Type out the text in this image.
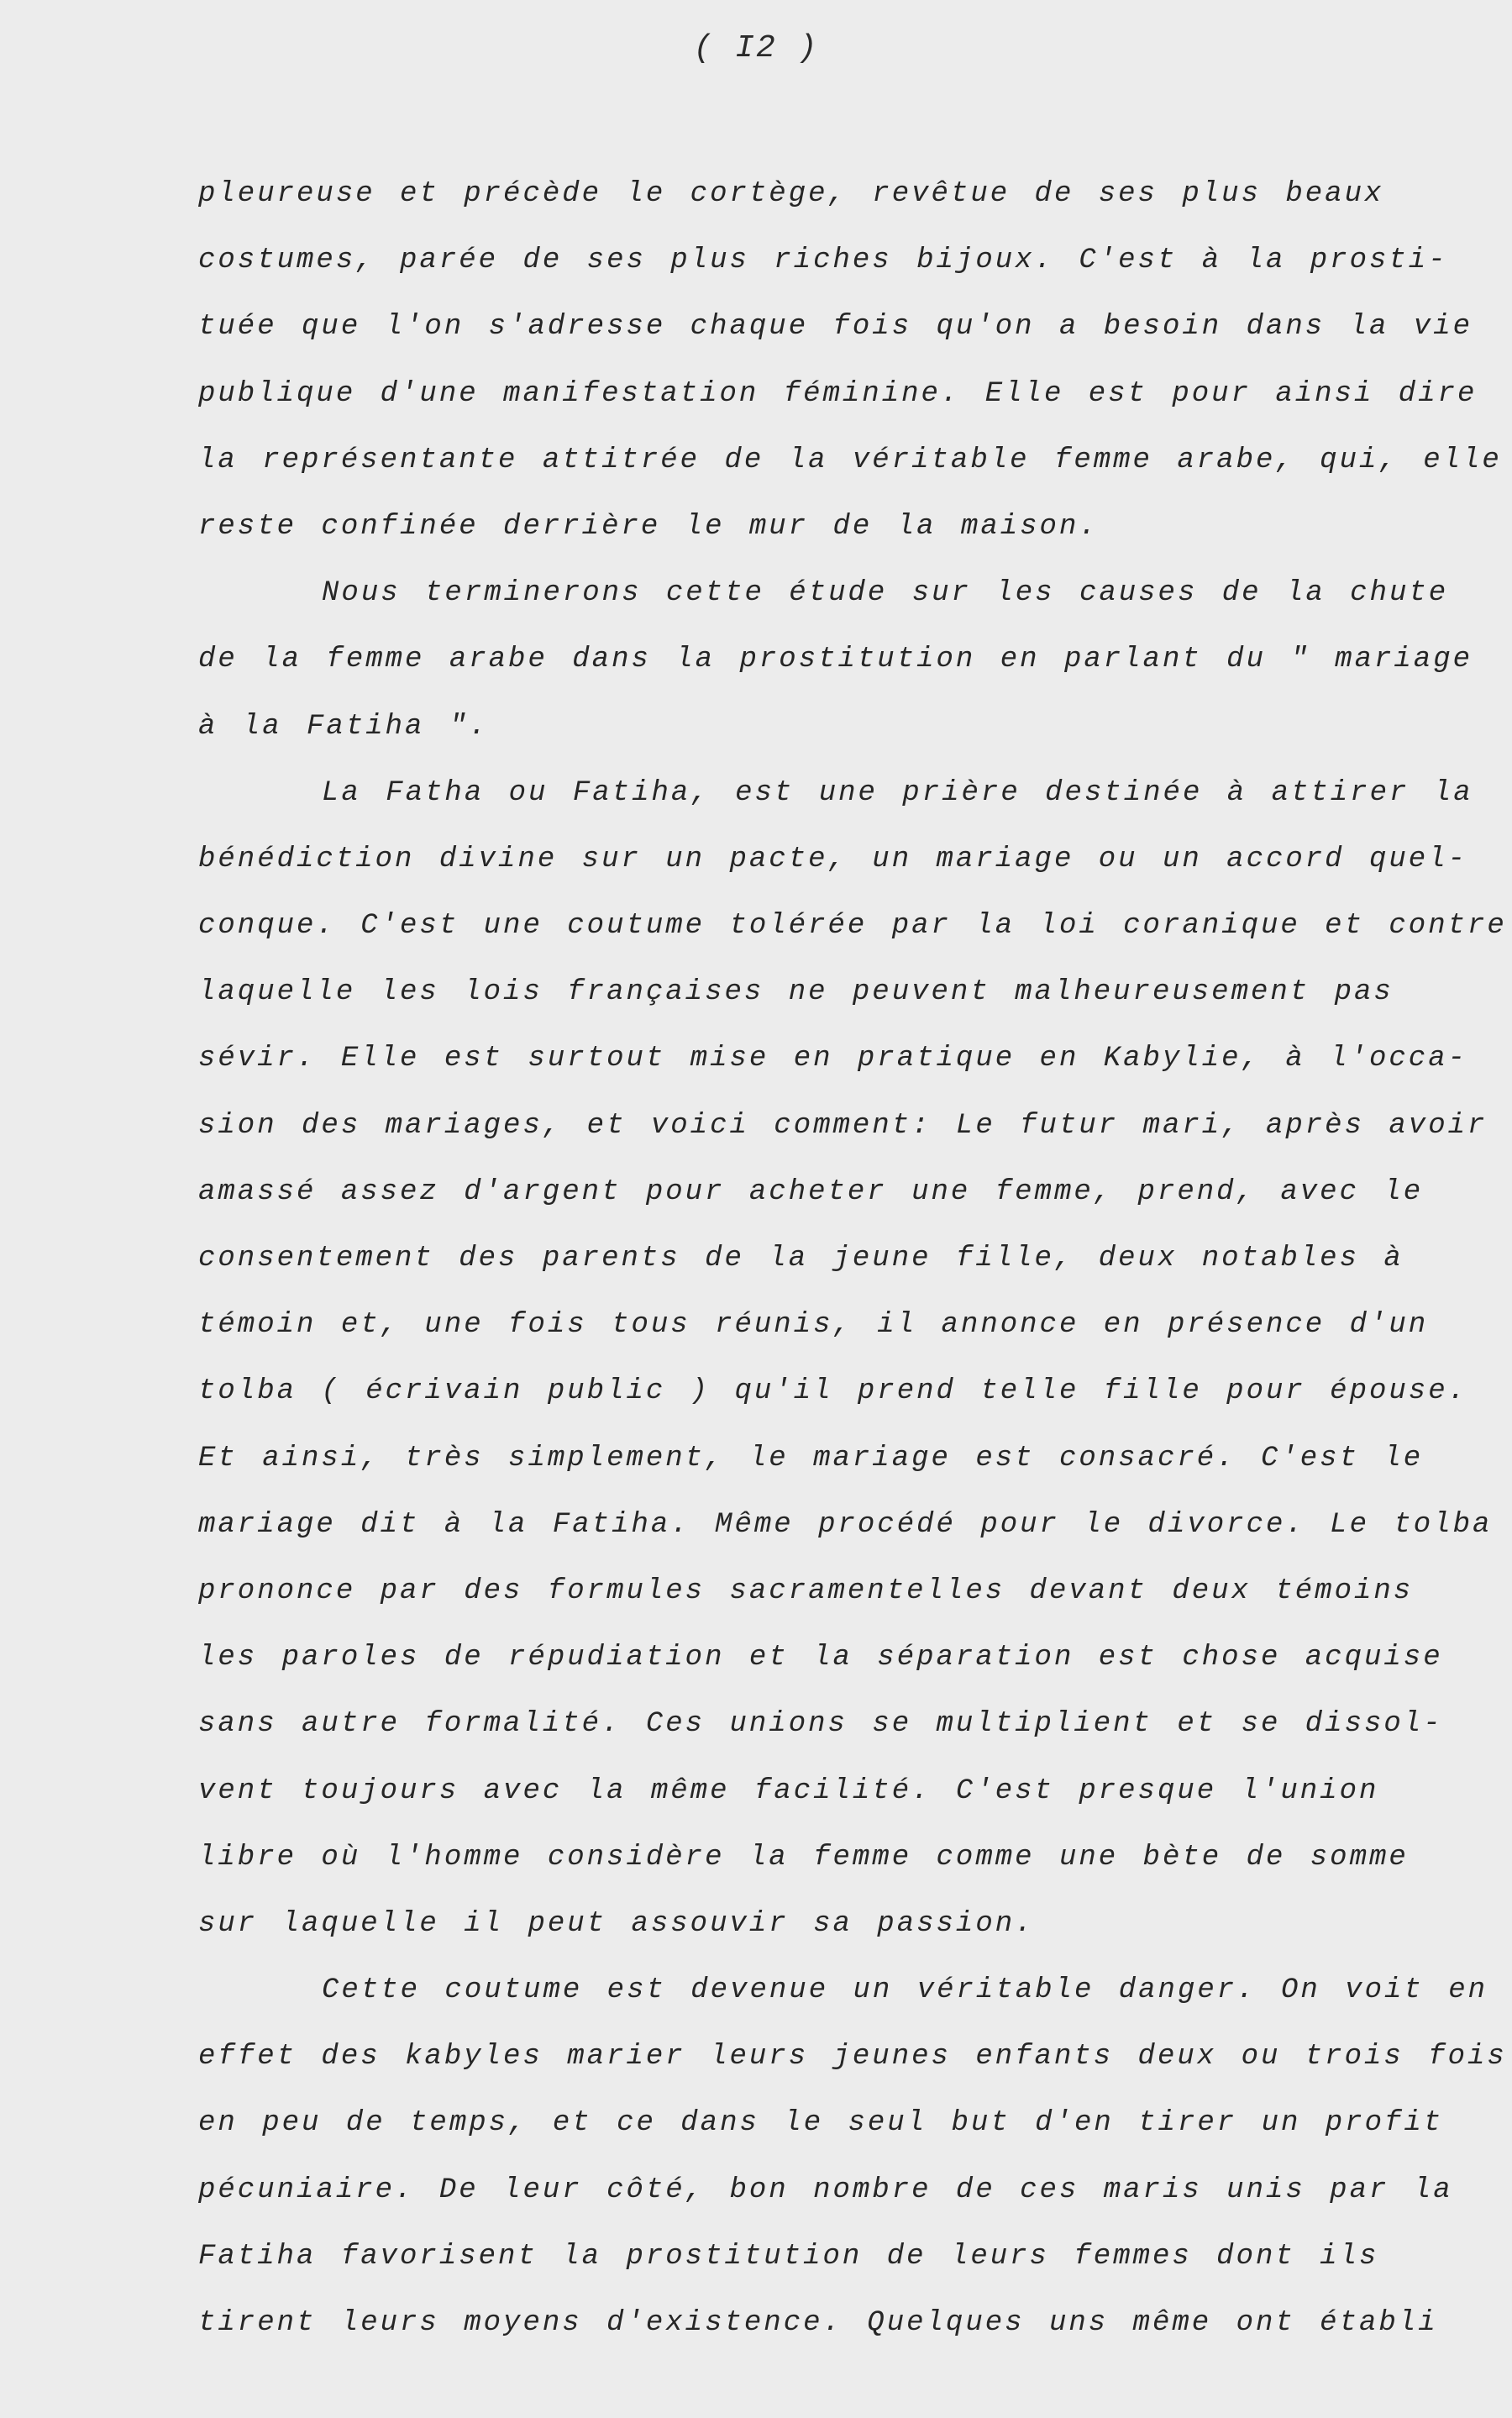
( I2 )
pleureuse et précède le cortège, revêtue de ses plus beaux
costumes, parée de ses plus riches bijoux. C'est à la prosti-
tuée que l'on s'adresse chaque fois qu'on a besoin dans la vie
publique d'une manifestation féminine. Elle est pour ainsi dire
la représentante attitrée de la véritable femme arabe, qui, elle
reste confinée derrière le mur de la maison.
Nous terminerons cette étude sur les causes de la chute
de la femme arabe dans la prostitution en parlant du " mariage
à la Fatiha ".
La Fatha ou Fatiha, est une prière destinée à attirer la
bénédiction divine sur un pacte, un mariage ou un accord quel-
conque. C'est une coutume tolérée par la loi coranique et contre
laquelle les lois françaises ne peuvent malheureusement pas
sévir. Elle est surtout mise en pratique en Kabylie, à l'occa-
sion des mariages, et voici comment: Le futur mari, après avoir
amassé assez d'argent pour acheter une femme, prend, avec le
consentement des parents de la jeune fille, deux notables à
témoin et, une fois tous réunis, il annonce en présence d'un
tolba ( écrivain public ) qu'il prend telle fille pour épouse.
Et ainsi, très simplement, le mariage est consacré. C'est le
mariage dit à la Fatiha. Même procédé pour le divorce. Le tolba
prononce par des formules sacramentelles devant deux témoins
les paroles de répudiation et la séparation est chose acquise
sans autre formalité. Ces unions se multiplient et se dissol-
vent toujours avec la même facilité. C'est presque l'union
libre où l'homme considère la femme comme une bète de somme
sur laquelle il peut assouvir sa passion.
Cette coutume est devenue un véritable danger. On voit en
effet des kabyles marier leurs jeunes enfants deux ou trois fois
en peu de temps, et ce dans le seul but d'en tirer un profit
pécuniaire. De leur côté, bon nombre de ces maris unis par la
Fatiha favorisent la prostitution de leurs femmes dont ils
tirent leurs moyens d'existence. Quelques uns même ont établi
